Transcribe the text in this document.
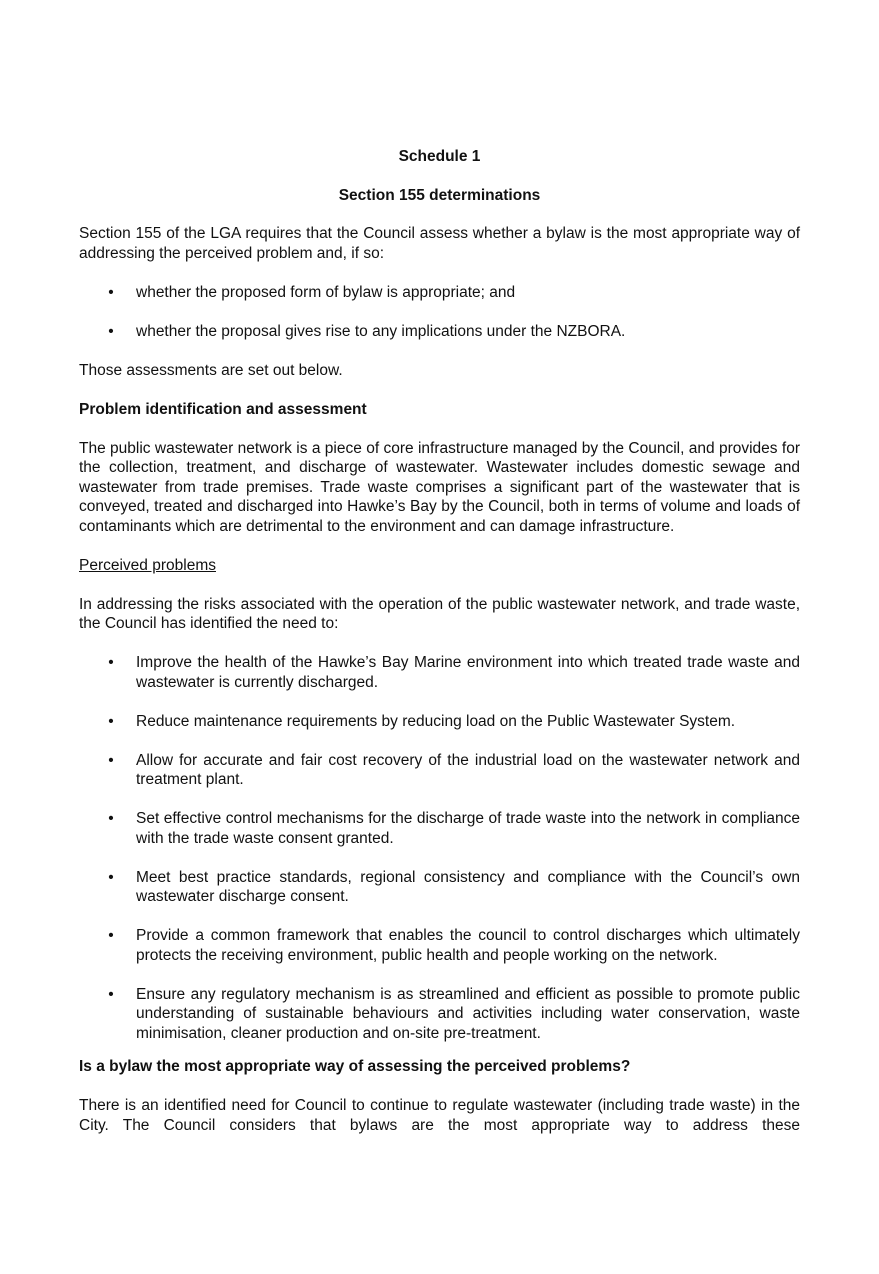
Schedule 1
Section 155 determinations

Section 155 of the LGA requires that the Council assess whether a bylaw is the most appropriate way of addressing the perceived problem and, if so:

• whether the proposed form of bylaw is appropriate; and
• whether the proposal gives rise to any implications under the NZBORA.

Those assessments are set out below.

Problem identification and assessment

The public wastewater network is a piece of core infrastructure managed by the Council, and provides for the collection, treatment, and discharge of wastewater. Wastewater includes domestic sewage and wastewater from trade premises. Trade waste comprises a significant part of the wastewater that is conveyed, treated and discharged into Hawke’s Bay by the Council, both in terms of volume and loads of contaminants which are detrimental to the environment and can damage infrastructure.

Perceived problems

In addressing the risks associated with the operation of the public wastewater network, and trade waste, the Council has identified the need to:

• Improve the health of the Hawke’s Bay Marine environment into which treated trade waste and wastewater is currently discharged.
• Reduce maintenance requirements by reducing load on the Public Wastewater System.
• Allow for accurate and fair cost recovery of the industrial load on the wastewater network and treatment plant.
• Set effective control mechanisms for the discharge of trade waste into the network in compliance with the trade waste consent granted.
• Meet best practice standards, regional consistency and compliance with the Council’s own wastewater discharge consent.
• Provide a common framework that enables the council to control discharges which ultimately protects the receiving environment, public health and people working on the network.
• Ensure any regulatory mechanism is as streamlined and efficient as possible to promote public understanding of sustainable behaviours and activities including water conservation, waste minimisation, cleaner production and on-site pre-treatment.

Is a bylaw the most appropriate way of assessing the perceived problems?

There is an identified need for Council to continue to regulate wastewater (including trade waste) in the City. The Council considers that bylaws are the most appropriate way to address these
